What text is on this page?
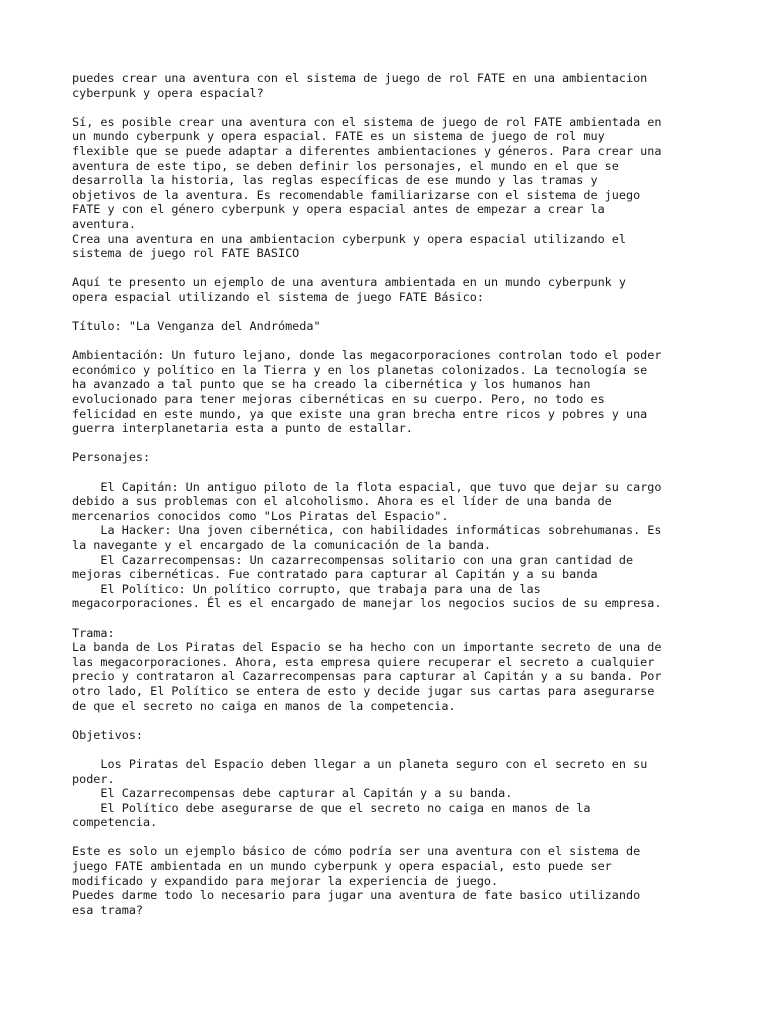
puedes crear una aventura con el sistema de juego de rol FATE en una ambientacion
cyberpunk y opera espacial?

Sí, es posible crear una aventura con el sistema de juego de rol FATE ambientada en
un mundo cyberpunk y opera espacial. FATE es un sistema de juego de rol muy
flexible que se puede adaptar a diferentes ambientaciones y géneros. Para crear una
aventura de este tipo, se deben definir los personajes, el mundo en el que se
desarrolla la historia, las reglas específicas de ese mundo y las tramas y
objetivos de la aventura. Es recomendable familiarizarse con el sistema de juego
FATE y con el género cyberpunk y opera espacial antes de empezar a crear la
aventura.

Crea una aventura en una ambientacion cyberpunk y opera espacial utilizando el
sistema de juego rol FATE BASICO

Aquí te presento un ejemplo de una aventura ambientada en un mundo cyberpunk y
opera espacial utilizando el sistema de juego FATE Básico:

Título: "La Venganza del Andrómeda"

Ambientación: Un futuro lejano, donde las megacorporaciones controlan todo el poder
económico y político en la Tierra y en los planetas colonizados. La tecnología se
ha avanzado a tal punto que se ha creado la cibernética y los humanos han
evolucionado para tener mejoras cibernéticas en su cuerpo. Pero, no todo es
felicidad en este mundo, ya que existe una gran brecha entre ricos y pobres y una
guerra interplanetaria esta a punto de estallar.

Personajes:

El Capitán: Un antiguo piloto de la flota espacial, que tuvo que dejar su cargo
debido a sus problemas con el alcoholismo. Ahora es el líder de una banda de
mercenarios conocidos como "Los Piratas del Espacio".

La Hacker: Una joven cibernética, con habilidades informáticas sobrehumanas. Es
la navegante y el encargado de la comunicación de la banda.

El Cazarrecompensas: Un cazarrecompensas solitario con una gran cantidad de
mejoras cibernéticas. Fue contratado para capturar al Capitán y a su banda

El Político: Un político corrupto, que trabaja para una de las
megacorporaciones. Él es el encargado de manejar los negocios sucios de su empresa.

Trama:
La banda de Los Piratas del Espacio se ha hecho con un importante secreto de una de
las megacorporaciones. Ahora, esta empresa quiere recuperar el secreto a cualquier
precio y contrataron al Cazarrecompensas para capturar al Capitán y a su banda. Por
otro lado, El Político se entera de esto y decide jugar sus cartas para asegurarse
de que el secreto no caiga en manos de la competencia.

Objetivos:

Los Piratas del Espacio deben llegar a un planeta seguro con el secreto en su
poder.

El Cazarrecompensas debe capturar al Capitán y a su banda.

El Político debe asegurarse de que el secreto no caiga en manos de la
competencia.

Este es solo un ejemplo básico de cómo podría ser una aventura con el sistema de
juego FATE ambientada en un mundo cyberpunk y opera espacial, esto puede ser
modificado y expandido para mejorar la experiencia de juego.

Puedes darme todo lo necesario para jugar una aventura de fate basico utilizando
esa trama?
